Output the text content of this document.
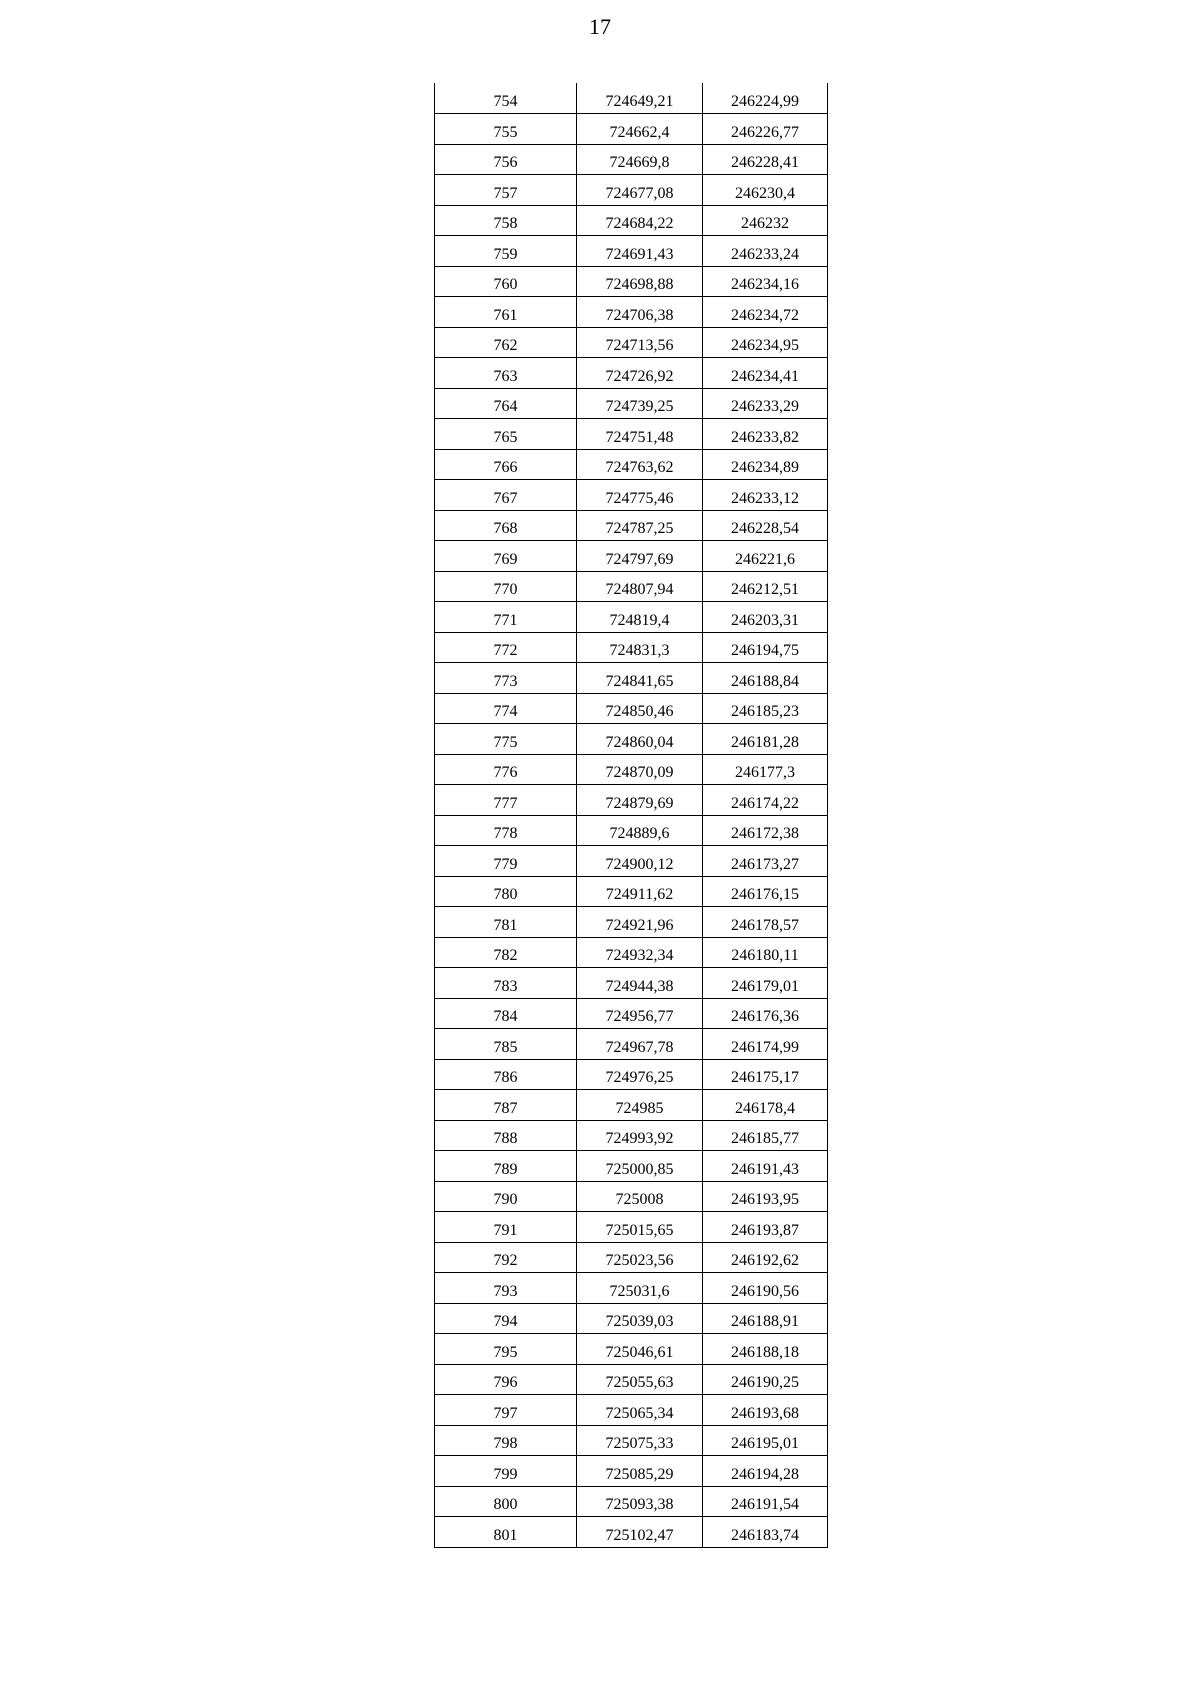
17
754	724649,21	246224,99
755	724662,4	246226,77
756	724669,8	246228,41
757	724677,08	246230,4
758	724684,22	246232
759	724691,43	246233,24
760	724698,88	246234,16
761	724706,38	246234,72
762	724713,56	246234,95
763	724726,92	246234,41
764	724739,25	246233,29
765	724751,48	246233,82
766	724763,62	246234,89
767	724775,46	246233,12
768	724787,25	246228,54
769	724797,69	246221,6
770	724807,94	246212,51
771	724819,4	246203,31
772	724831,3	246194,75
773	724841,65	246188,84
774	724850,46	246185,23
775	724860,04	246181,28
776	724870,09	246177,3
777	724879,69	246174,22
778	724889,6	246172,38
779	724900,12	246173,27
780	724911,62	246176,15
781	724921,96	246178,57
782	724932,34	246180,11
783	724944,38	246179,01
784	724956,77	246176,36
785	724967,78	246174,99
786	724976,25	246175,17
787	724985	246178,4
788	724993,92	246185,77
789	725000,85	246191,43
790	725008	246193,95
791	725015,65	246193,87
792	725023,56	246192,62
793	725031,6	246190,56
794	725039,03	246188,91
795	725046,61	246188,18
796	725055,63	246190,25
797	725065,34	246193,68
798	725075,33	246195,01
799	725085,29	246194,28
800	725093,38	246191,54
801	725102,47	246183,74
